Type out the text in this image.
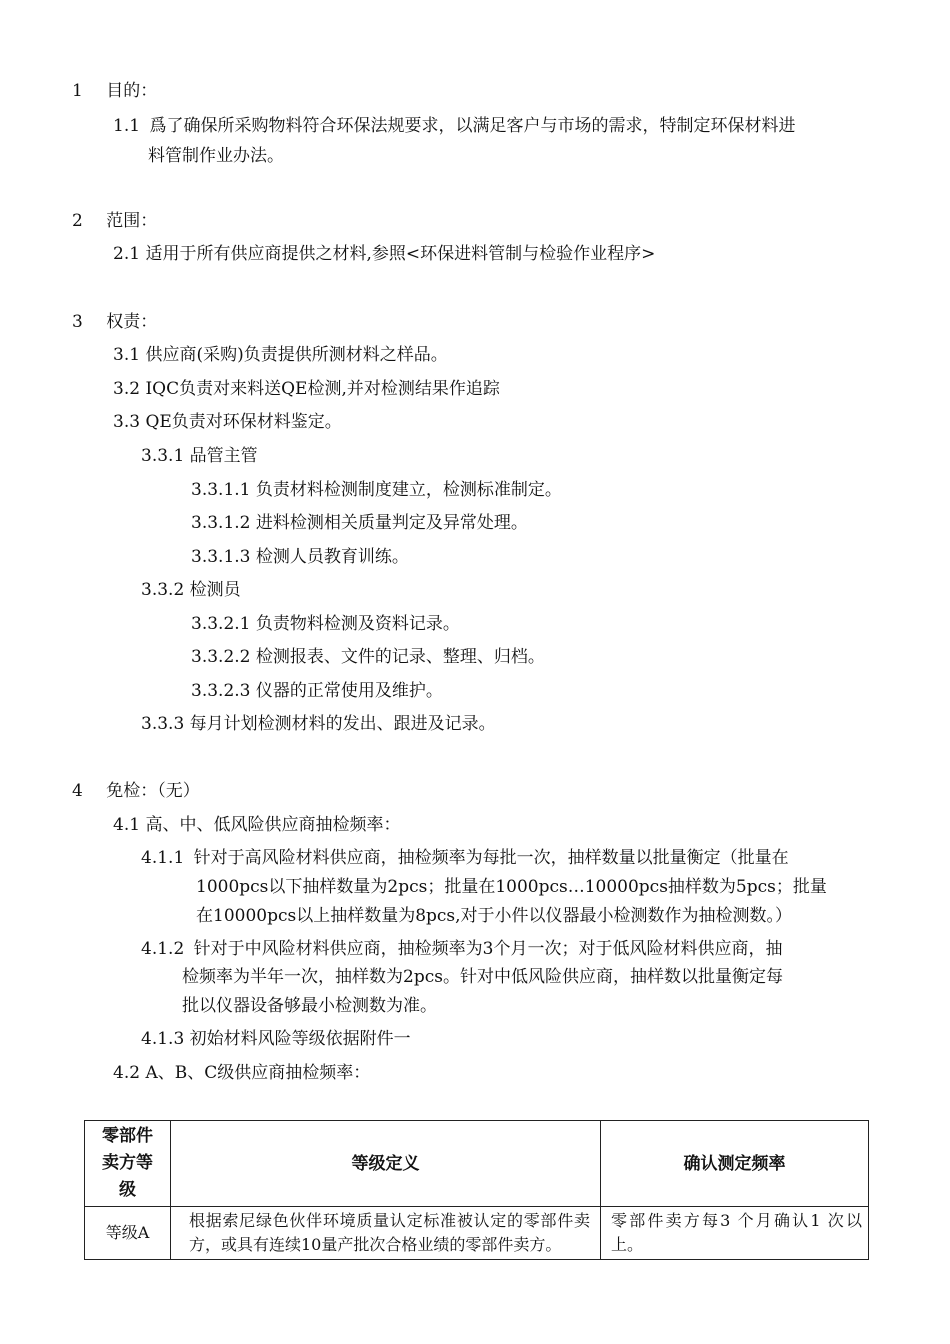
1 目的：
1.1 爲了确保所采购物料符合环保法规要求，以满足客户与市场的需求，特制定环保材料进
料管制作业办法。
2 范围：
2.1 适用于所有供应商提供之材料,参照<环保进料管制与检验作业程序>
3 权责：
3.1 供应商(采购)负责提供所测材料之样品。
3.2 IQC负责对来料送QE检测,并对检测结果作追踪
3.3 QE负责对环保材料鉴定。
3.3.1 品管主管
3.3.1.1 负责材料检测制度建立，检测标准制定。
3.3.1.2 进料检测相关质量判定及异常处理。
3.3.1.3 检测人员教育训练。
3.3.2 检测员
3.3.2.1 负责物料检测及资料记录。
3.3.2.2 检测报表、文件的记录、整理、归档。
3.3.2.3 仪器的正常使用及维护。
3.3.3 每月计划检测材料的发出、跟进及记录。
4 免检：（无）
4.1 高、中、低风险供应商抽检频率：
4.1.1 针对于高风险材料供应商，抽检频率为每批一次，抽样数量以批量衡定（批量在
1000pcs以下抽样数量为2pcs；批量在1000pcs…10000pcs抽样数为5pcs；批量
在10000pcs以上抽样数量为8pcs,对于小件以仪器最小检测数作为抽检测数。）
4.1.2 针对于中风险材料供应商，抽检频率为3个月一次；对于低风险材料供应商，抽
检频率为半年一次，抽样数为2pcs。针对中低风险供应商，抽样数以批量衡定每
批以仪器设备够最小检测数为准。
4.1.3 初始材料风险等级依据附件一
4.2 A、B、C级供应商抽检频率：
零部件
卖方等
级	等级定义	确认测定频率
等级A	根据索尼绿色伙伴环境质量认定标准被认定的零部件卖方，或具有连续10量产批次合格业绩的零部件卖方。	零部件卖方每3 个月确认1 次以上。
